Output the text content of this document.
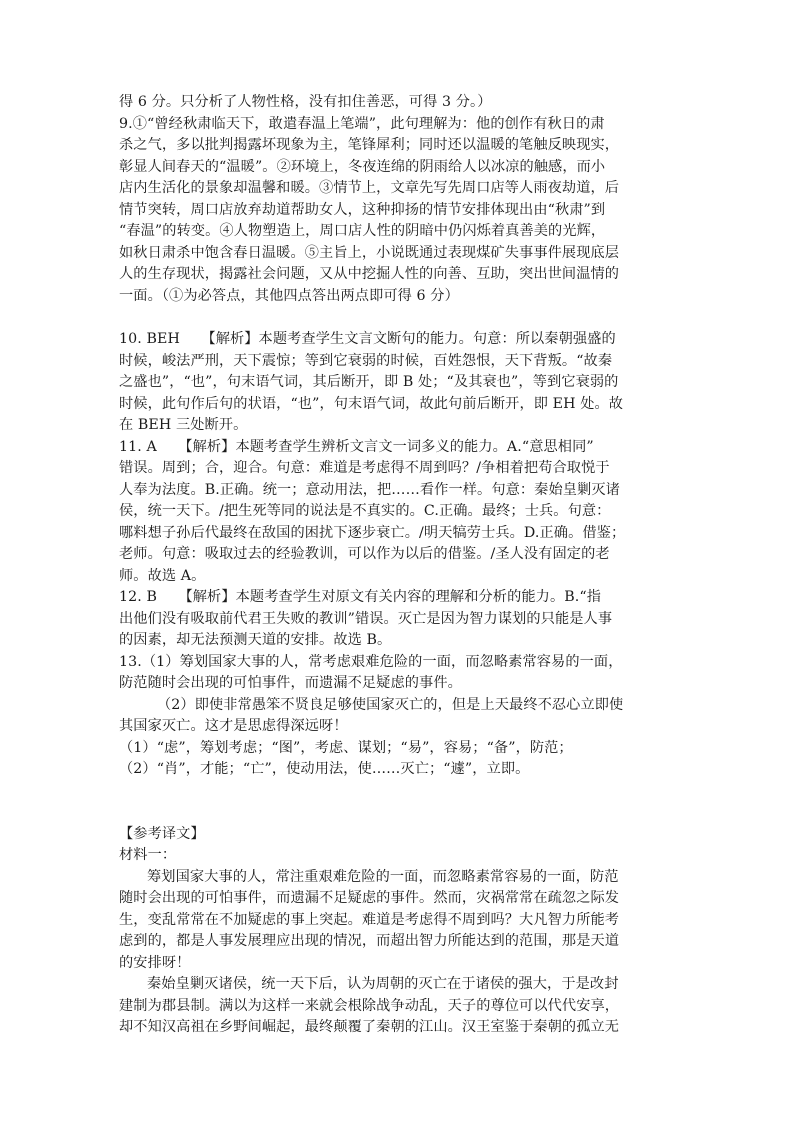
得 6 分。只分析了人物性格，没有扣住善恶，可得 3 分。）
9.①“曾经秋肃临天下，敢遣春温上笔端”，此句理解为：他的创作有秋日的肃
杀之气，多以批判揭露坏现象为主，笔锋犀利；同时还以温暖的笔触反映现实，
彰显人间春天的“温暖”。②环境上，冬夜连绵的阴雨给人以冰凉的触感，而小
店内生活化的景象却温馨和暖。③情节上，文章先写先周口店等人雨夜劫道，后
情节突转，周口店放弃劫道帮助女人，这种抑扬的情节安排体现出由“秋肃”到
“春温”的转变。④人物塑造上，周口店人性的阴暗中仍闪烁着真善美的光辉，
如秋日肃杀中饱含春日温暖。⑤主旨上，小说既通过表现煤矿失事事件展现底层
人的生存现状，揭露社会问题，又从中挖掘人性的向善、互助，突出世间温情的
一面。（①为必答点，其他四点答出两点即可得 6 分）
10. BEH　　【解析】本题考查学生文言文断句的能力。句意：所以秦朝强盛的
时候，峻法严刑，天下震惊；等到它衰弱的时候，百姓怨恨，天下背叛。“故秦
之盛也”，“也”，句末语气词，其后断开，即 B 处；“及其衰也”，等到它衰弱的
时候，此句作后句的状语，“也”，句末语气词，故此句前后断开，即 EH 处。故
在 BEH 三处断开。
11. A　　【解析】本题考查学生辨析文言文一词多义的能力。A.“意思相同”
错误。周到；合，迎合。句意：难道是考虑得不周到吗？/争相着把苟合取悦于
人奉为法度。B.正确。统一；意动用法，把……看作一样。句意：秦始皇剿灭诸
侯，统一天下。/把生死等同的说法是不真实的。C.正确。最终；士兵。句意：
哪料想子孙后代最终在敌国的困扰下逐步衰亡。/明天犒劳士兵。D.正确。借鉴；
老师。句意：吸取过去的经验教训，可以作为以后的借鉴。/圣人没有固定的老
师。故选 A。
12. B　　【解析】本题考查学生对原文有关内容的理解和分析的能力。B.“指
出他们没有吸取前代君王失败的教训”错误。灭亡是因为智力谋划的只能是人事
的因素，却无法预测天道的安排。故选 B。
13.（1）筹划国家大事的人，常考虑艰难危险的一面，而忽略素常容易的一面，
防范随时会出现的可怕事件，而遗漏不足疑虑的事件。
（2）即使非常愚笨不贤良足够使国家灭亡的，但是上天最终不忍心立即使
其国家灭亡。这才是思虑得深远呀！
（1）“虑”，筹划考虑；“图”，考虑、谋划；“易”，容易；“备”，防范；
（2）“肖”，才能；“亡”，使动用法，使……灭亡；“遽”，立即。
【参考译文】
材料一：
筹划国家大事的人，常注重艰难危险的一面，而忽略素常容易的一面，防范
随时会出现的可怕事件，而遗漏不足疑虑的事件。然而，灾祸常常在疏忽之际发
生，变乱常常在不加疑虑的事上突起。难道是考虑得不周到吗？大凡智力所能考
虑到的，都是人事发展理应出现的情况，而超出智力所能达到的范围，那是天道
的安排呀！
秦始皇剿灭诸侯，统一天下后，认为周朝的灭亡在于诸侯的强大，于是改封
建制为郡县制。满以为这样一来就会根除战争动乱，天子的尊位可以代代安享，
却不知汉高祖在乡野间崛起，最终颠覆了秦朝的江山。汉王室鉴于秦朝的孤立无
